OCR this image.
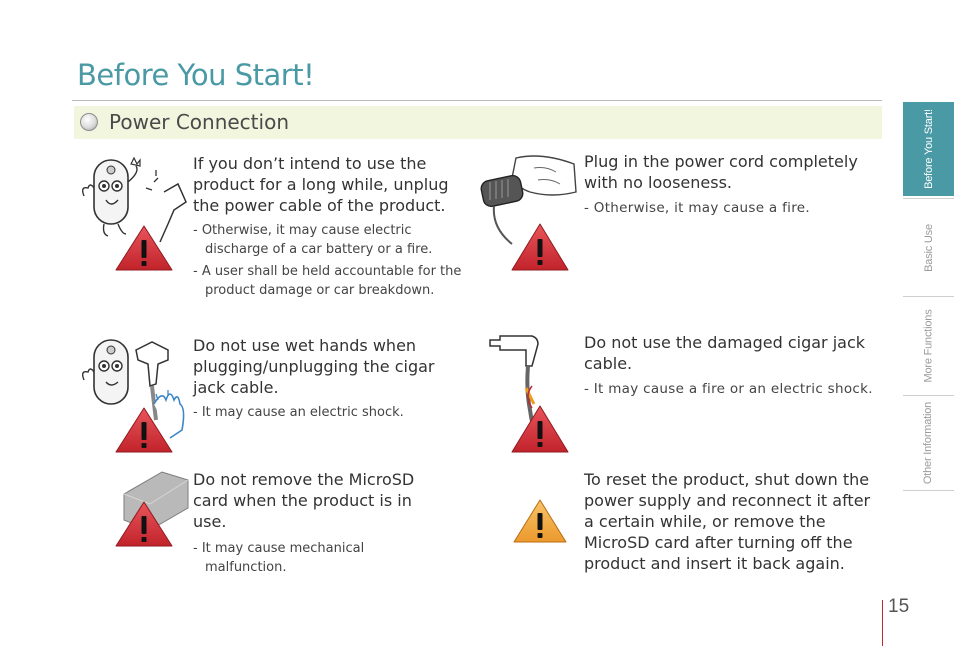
Before You Start!
Power Connection
If you don’t intend to use the product for a long while, unplug the power cable of the product.
- Otherwise, it may cause electric discharge of a car battery or a fire.
- A user shall be held accountable for the product damage or car breakdown.
Plug in the power cord completely with no looseness.
- Otherwise, it may cause a fire.
Do not use wet hands when plugging/unplugging the cigar jack cable.
- It may cause an electric shock.
Do not use the damaged cigar jack cable.
- It may cause a fire or an electric shock.
Do not remove the MicroSD card when the product is in use.
- It may cause mechanical malfunction.
To reset the product, shut down the power supply and reconnect it after a certain while, or remove the MicroSD card after turning off the product and insert it back again.
Before You Start!
Basic Use
More Functions
Other Information
15
